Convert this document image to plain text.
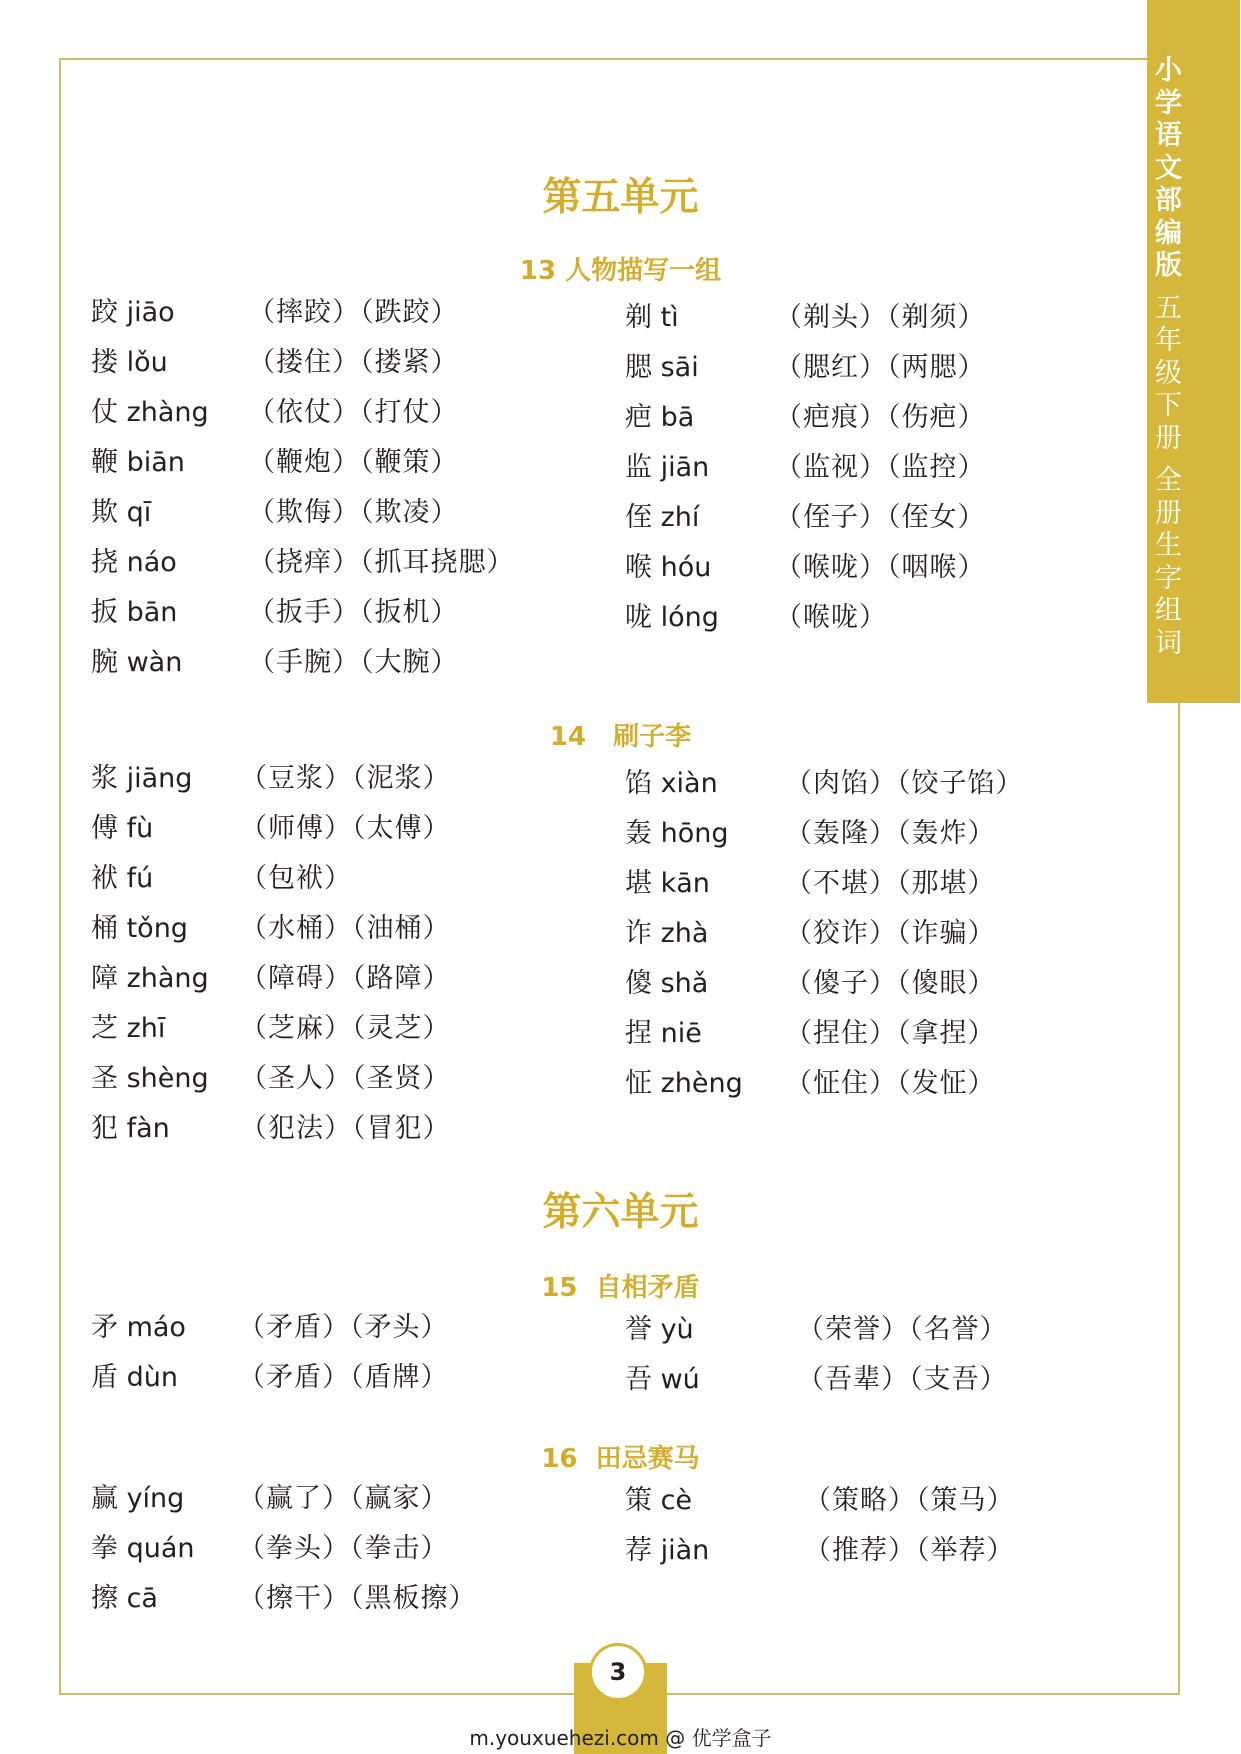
小
学
语
文
部
编
版
五
年
级
下
册
全
册
生
字
组
词
第五单元
13 人物描写一组
跤 jiāo	（摔跤）（跌跤）
搂 lǒu	（搂住）（搂紧）
仗 zhàng （依仗）（打仗）
鞭 biān （鞭炮）（鞭策）
欺 qī	（欺侮）（欺凌）
挠 náo	（挠痒）（抓耳挠腮）
扳 bān	（扳手）（扳机）
腕 wàn （手腕）（大腕）
剃 tì	（剃头）（剃须）
腮 sāi	（腮红）（两腮）
疤 bā	（疤痕）（伤疤）
监 jiān （监视）（监控）
侄 zhí	（侄子）（侄女）
喉 hóu （喉咙）（咽喉）
咙 lóng （喉咙）
14   刷子李
浆 jiāng （豆浆）（泥浆）
傅 fù	（师傅）（太傅）
袱 fú	（包袱）
桶 tǒng （水桶）（油桶）
障 zhàng （障碍）（路障）
芝 zhī	（芝麻）（灵芝）
圣 shèng （圣人）（圣贤）
犯 fàn	（犯法）（冒犯）
馅 xiàn （肉馅）（饺子馅）
轰 hōng （轰隆）（轰炸）
堪 kān	（不堪）（那堪）
诈 zhà	（狡诈）（诈骗）
傻 shǎ	（傻子）（傻眼）
捏 niē	（捏住）（拿捏）
怔 zhèng （怔住）（发怔）
第六单元
15  自相矛盾
矛 máo （矛盾）（矛头）
盾 dùn （矛盾）（盾牌）
誉 yù	（荣誉）（名誉）
吾 wú	（吾辈）（支吾）
16  田忌赛马
赢 yíng （赢了）（赢家）
拳 quán （拳头）（拳击）
擦 cā	（擦干）（黑板擦）
策 cè	（策略）（策马）
荐 jiàn	（推荐）（举荐）
3
m.youxuehezi.com @ 优学盒子
